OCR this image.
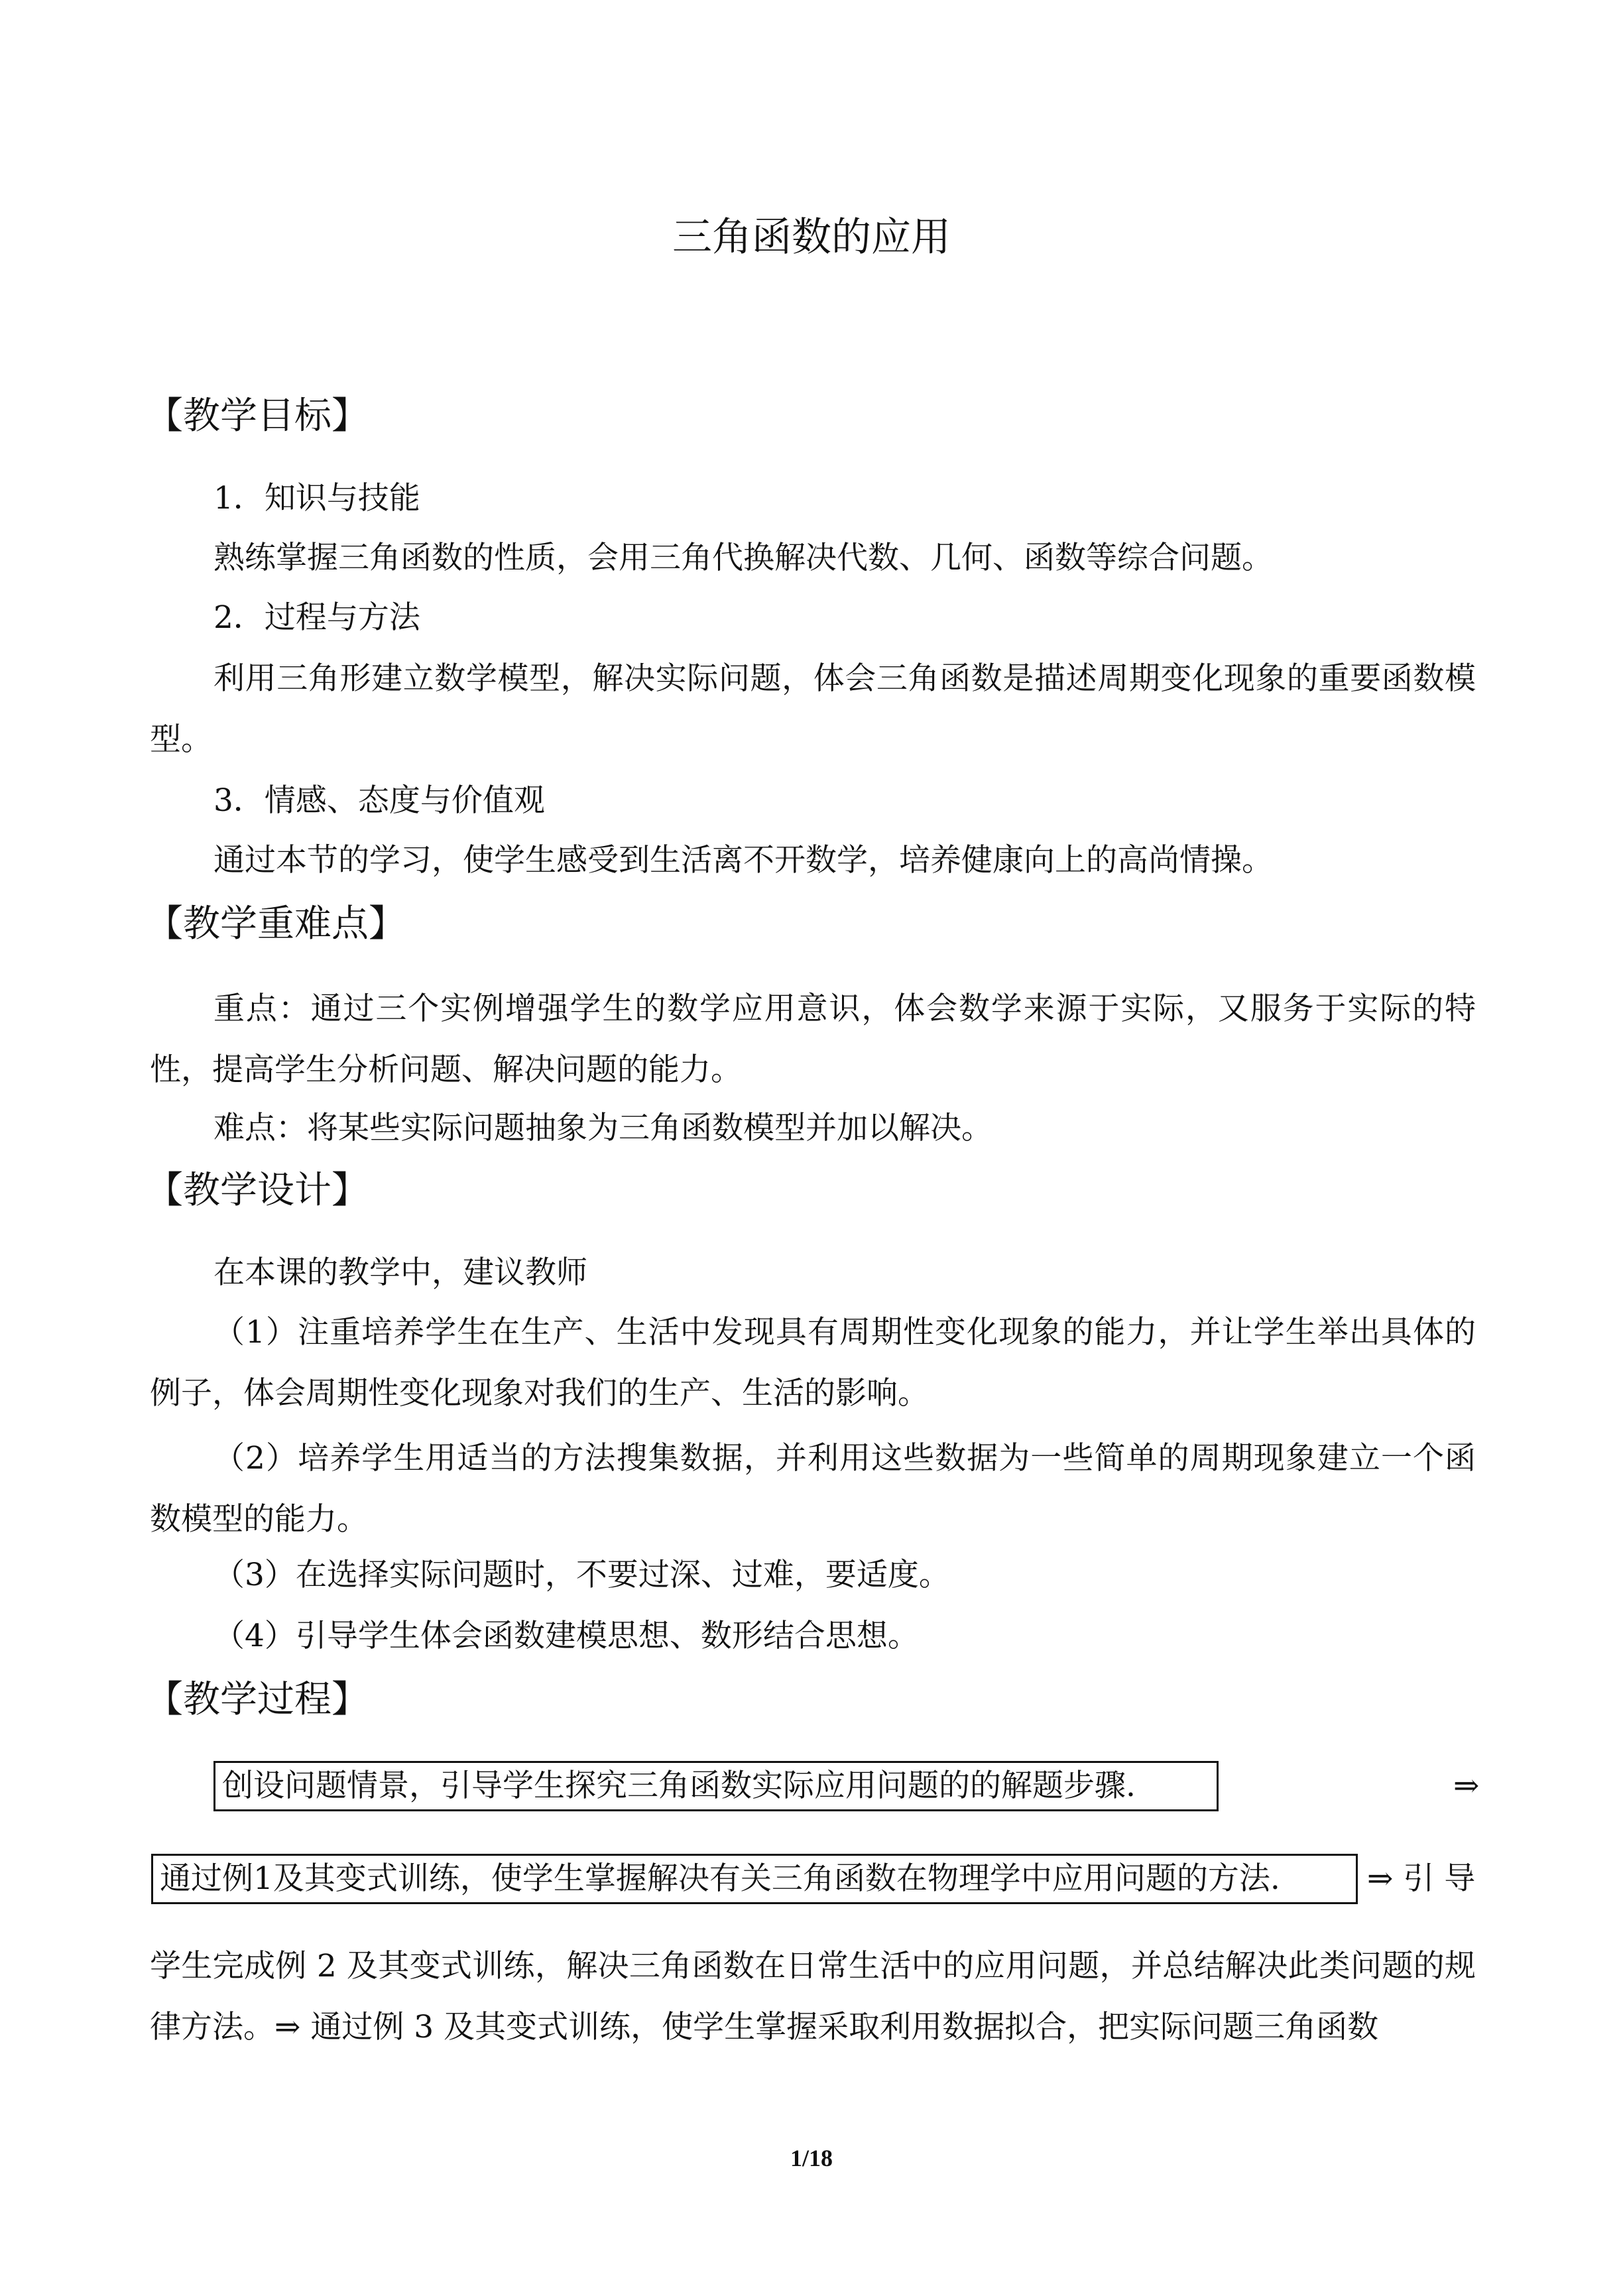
三角函数的应用
【教学目标】

1．知识与技能

熟练掌握三角函数的性质，会用三角代换解决代数、几何、函数等综合问题。

2．过程与方法

利用三角形建立数学模型，解决实际问题，体会三角函数是描述周期变化现象的重要函数模型。

3．情感、态度与价值观

通过本节的学习，使学生感受到生活离不开数学，培养健康向上的高尚情操。

【教学重难点】

重点：通过三个实例增强学生的数学应用意识，体会数学来源于实际，又服务于实际的特性，提高学生分析问题、解决问题的能力。

难点：将某些实际问题抽象为三角函数模型并加以解决。

【教学设计】

在本课的教学中，建议教师

（1）注重培养学生在生产、生活中发现具有周期性变化现象的能力，并让学生举出具体的例子，体会周期性变化现象对我们的生产、生活的影响。

（2）培养学生用适当的方法搜集数据，并利用这些数据为一些简单的周期现象建立一个函数模型的能力。

（3）在选择实际问题时，不要过深、过难，要适度。

（4）引导学生体会函数建模思想、数形结合思想。

【教学过程】
创设问题情景，引导学生探究三角函数实际应用问题的的解题步骤.	⇒
通过例1及其变式训练，使学生掌握解决有关三角函数在物理学中应用问题的方法.	⇒ 引 导

学生完成例 2 及其变式训练，解决三角函数在日常生活中的应用问题，并总结解决此类问题的规律方法。⇒ 通过例 3 及其变式训练，使学生掌握采取利用数据拟合，把实际问题三角函数

1/18
